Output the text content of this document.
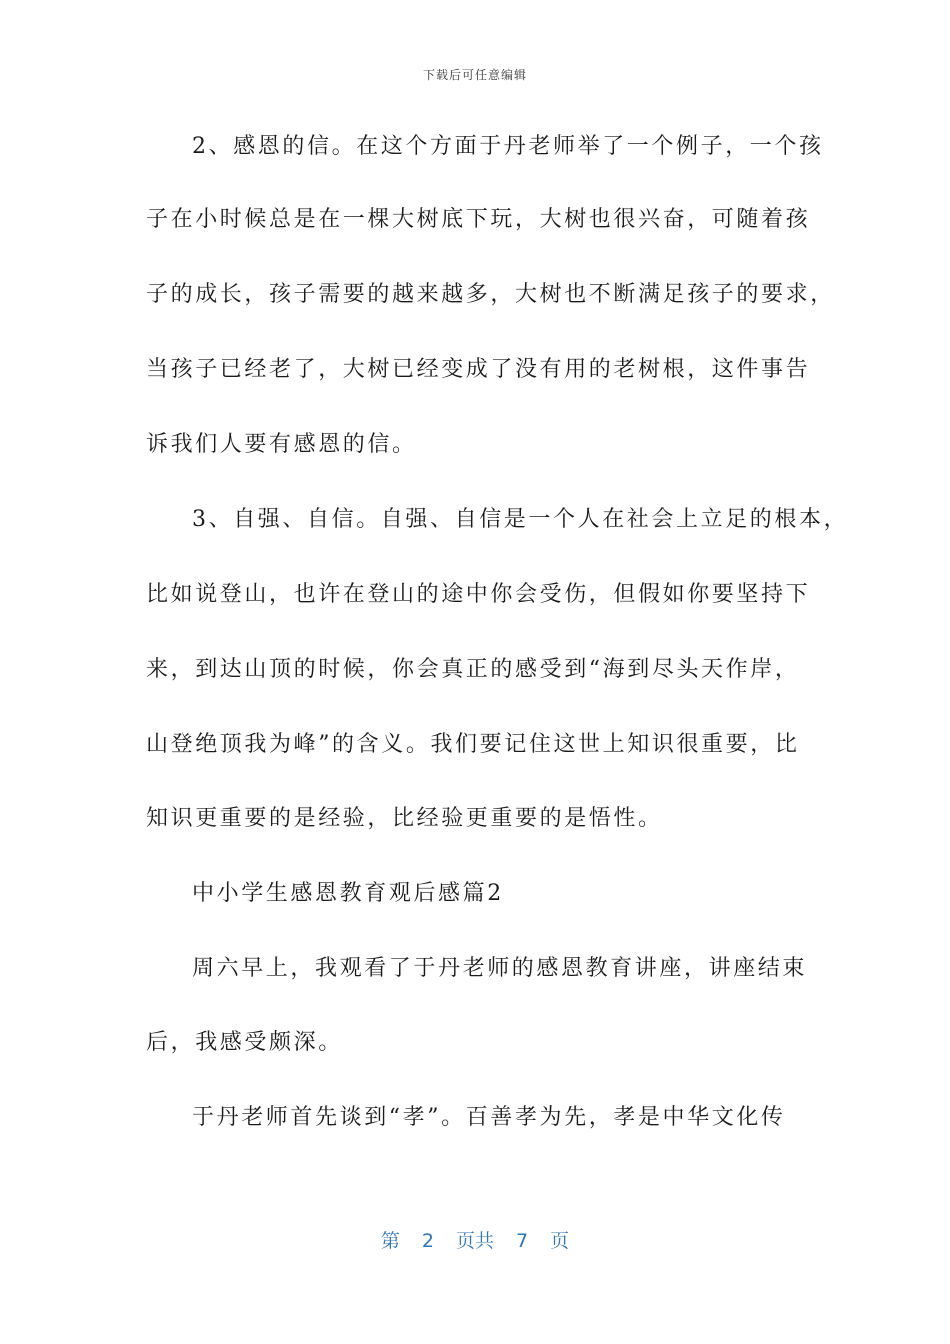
下载后可任意编辑
2、感恩的信。在这个方面于丹老师举了一个例子，一个孩
子在小时候总是在一棵大树底下玩，大树也很兴奋，可随着孩
子的成长，孩子需要的越来越多，大树也不断满足孩子的要求，
当孩子已经老了，大树已经变成了没有用的老树根，这件事告
诉我们人要有感恩的信。
3、自强、自信。自强、自信是一个人在社会上立足的根本，
比如说登山，也许在登山的途中你会受伤，但假如你要坚持下
来，到达山顶的时候，你会真正的感受到“海到尽头天作岸，
山登绝顶我为峰”的含义。我们要记住这世上知识很重要，比
知识更重要的是经验，比经验更重要的是悟性。
中小学生感恩教育观后感篇2
周六早上，我观看了于丹老师的感恩教育讲座，讲座结束
后，我感受颇深。
于丹老师首先谈到“孝”。百善孝为先，孝是中华文化传
第 2 页共 7 页
